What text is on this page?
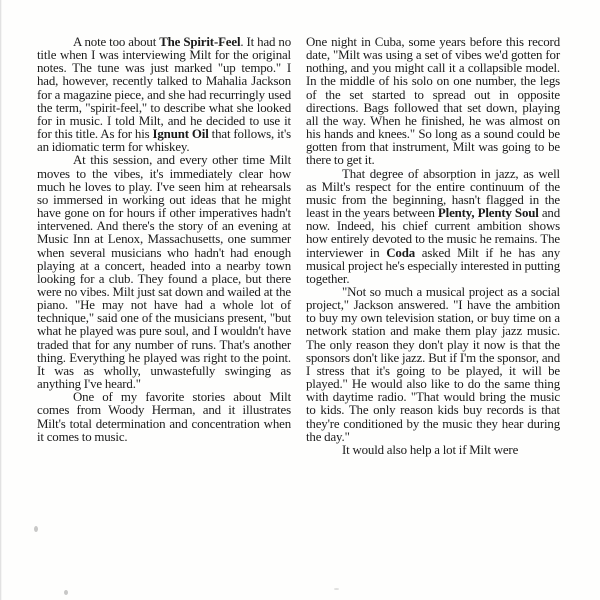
A note too about The Spirit-Feel. It had no title when I was interviewing Milt for the original notes. The tune was just marked "up tempo." I had, however, recently talked to Mahalia Jackson for a magazine piece, and she had recurringly used the term, "spirit-feel," to describe what she looked for in music. I told Milt, and he decided to use it for this title. As for his Ignunt Oil that follows, it's an idiomatic term for whiskey.

At this session, and every other time Milt moves to the vibes, it's immediately clear how much he loves to play. I've seen him at rehearsals so immersed in working out ideas that he might have gone on for hours if other imperatives hadn't intervened. And there's the story of an evening at Music Inn at Lenox, Massachusetts, one summer when several musicians who hadn't had enough playing at a concert, headed into a nearby town looking for a club. They found a place, but there were no vibes. Milt just sat down and wailed at the piano. "He may not have had a whole lot of technique," said one of the musicians present, "but what he played was pure soul, and I wouldn't have traded that for any number of runs. That's another thing. Everything he played was right to the point. It was as wholly, unwastefully swinging as anything I've heard."

One of my favorite stories about Milt comes from Woody Herman, and it illustrates Milt's total determination and concentration when it comes to music.

One night in Cuba, some years before this record date, "Milt was using a set of vibes we'd gotten for nothing, and you might call it a collapsible model. In the middle of his solo on one number, the legs of the set started to spread out in opposite directions. Bags followed that set down, playing all the way. When he finished, he was almost on his hands and knees." So long as a sound could be gotten from that instrument, Milt was going to be there to get it.

That degree of absorption in jazz, as well as Milt's respect for the entire continuum of the music from the beginning, hasn't flagged in the least in the years between Plenty, Plenty Soul and now. Indeed, his chief current ambition shows how entirely devoted to the music he remains. The interviewer in Coda asked Milt if he has any musical project he's especially interested in putting together.

"Not so much a musical project as a social project," Jackson answered. "I have the ambition to buy my own television station, or buy time on a network station and make them play jazz music. The only reason they don't play it now is that the sponsors don't like jazz. But if I'm the sponsor, and I stress that it's going to be played, it will be played." He would also like to do the same thing with daytime radio. "That would bring the music to kids. The only reason kids buy records is that they're conditioned by the music they hear during the day."

It would also help a lot if Milt were
